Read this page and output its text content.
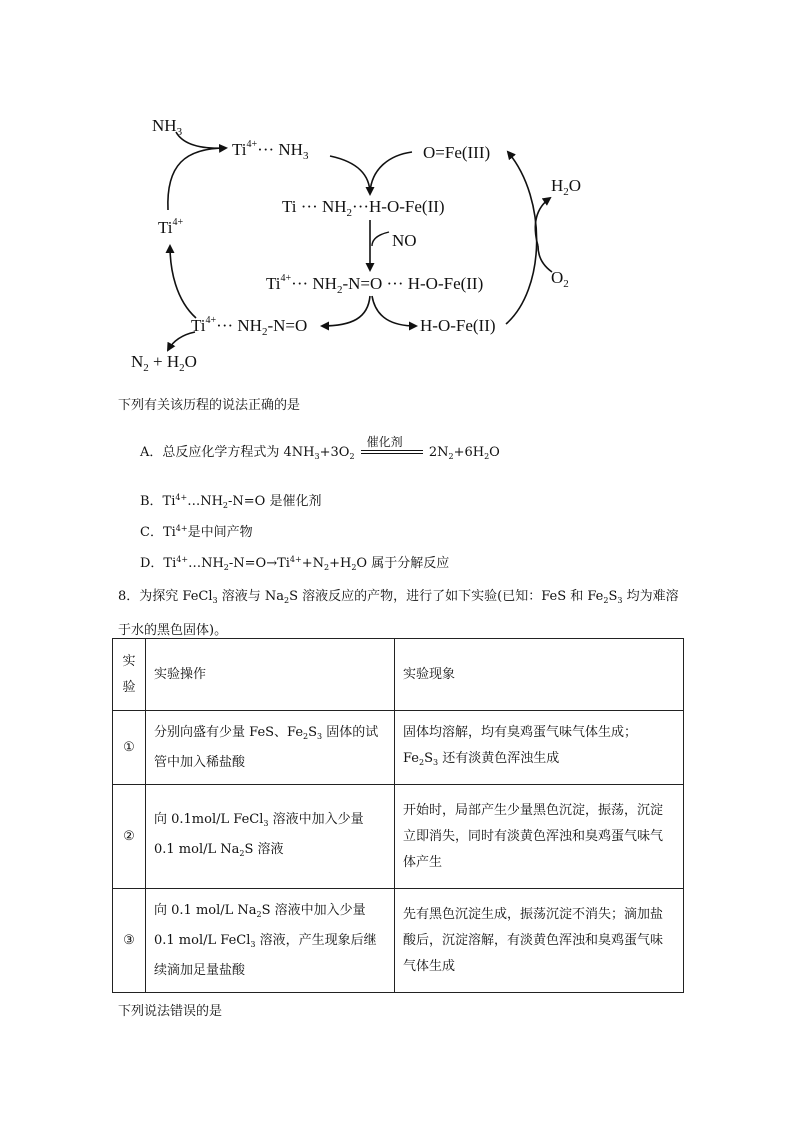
$NH_3$
$Ti^{4+}\cdot\cdot\cdot NH_3$	O=Fe(III)
$H_2O$
$Ti^{4+}$
Ti ··· $NH_2\cdot\cdot\cdot H-O-Fe(II)$
NO
$Ti^{4+}\cdot\cdot\cdot NH_2-N=O$ ··· H-O-Fe(II)	$O_2$
$Ti^{4+}\cdot\cdot\cdot NH_2-N=O$	H-O-Fe(II)
$N_2 + H_2O$
下列有关该历程的说法正确的是
A．总反应化学方程式为 $4NH_3+3O_2$
催化剂
$2N_2+6H_2O$
B．$Ti^{4+}\dots NH_2-N=O$ 是催化剂
C．$Ti^{4+}$是中间产物
D．$Ti^{4+}\dots NH_2-N=O\to Ti^{4+}+N_2+H_2O$ 属于分解反应
8．为探究 FeCl$_3$ 溶液与 $Na_2S$ 溶液反应的产物，进行了如下实验(已知：FeS 和 $Fe_2S_3$ 均为难溶于水的黑色固体)。
实验	实验操作	实验现象
①	分别向盛有少量 FeS、$Fe_2S_3$ 固体的试管中加入稀盐酸	固体均溶解，均有臭鸡蛋气味气体生成；
$Fe_2S_3$ 还有淡黄色浑浊生成
②	向 0.1mol/L FeCl$_3$ 溶液中加入少量 0.1 mol/L $Na_2S$ 溶液	开始时，局部产生少量黑色沉淀，振荡，沉淀立即消失，同时有淡黄色浑浊和臭鸡蛋气味气体产生
③	向 0.1 mol/L $Na_2S$ 溶液中加入少量 0.1 mol/L FeCl$_3$ 溶液，产生现象后继续滴加足量盐酸	先有黑色沉淀生成，振荡沉淀不消失；滴加盐酸后，沉淀溶解，有淡黄色浑浊和臭鸡蛋气味气体生成
下列说法错误的是
